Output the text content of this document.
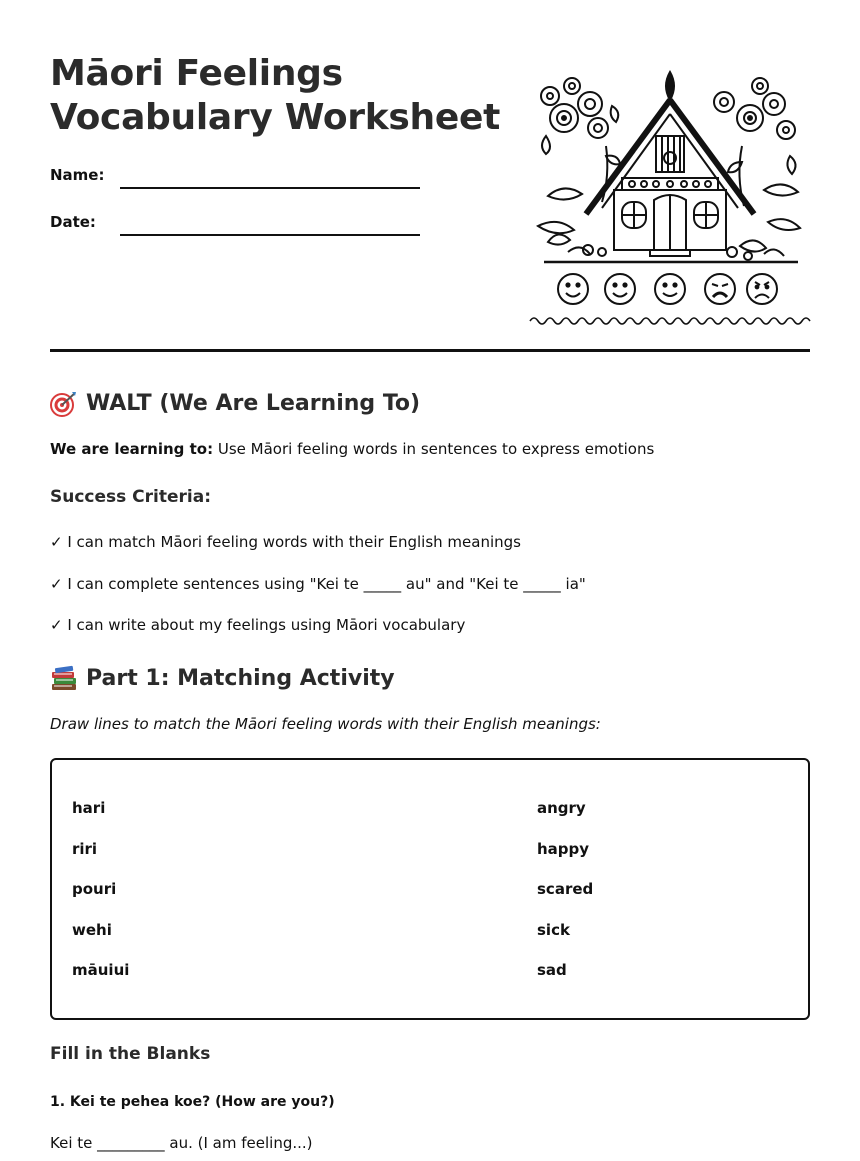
Māori Feelings
Vocabulary Worksheet
Name:
Date:
WALT (We Are Learning To)
We are learning to: Use Māori feeling words in sentences to express emotions
Success Criteria:
✓ I can match Māori feeling words with their English meanings
✓ I can complete sentences using "Kei te _____ au" and "Kei te _____ ia"
✓ I can write about my feelings using Māori vocabulary
Part 1: Matching Activity
Draw lines to match the Māori feeling words with their English meanings:
hari
riri
pouri
wehi
māuiui
angry
happy
scared
sick
sad
Fill in the Blanks
1. Kei te pehea koe? (How are you?)
Kei te _________ au. (I am feeling...)
